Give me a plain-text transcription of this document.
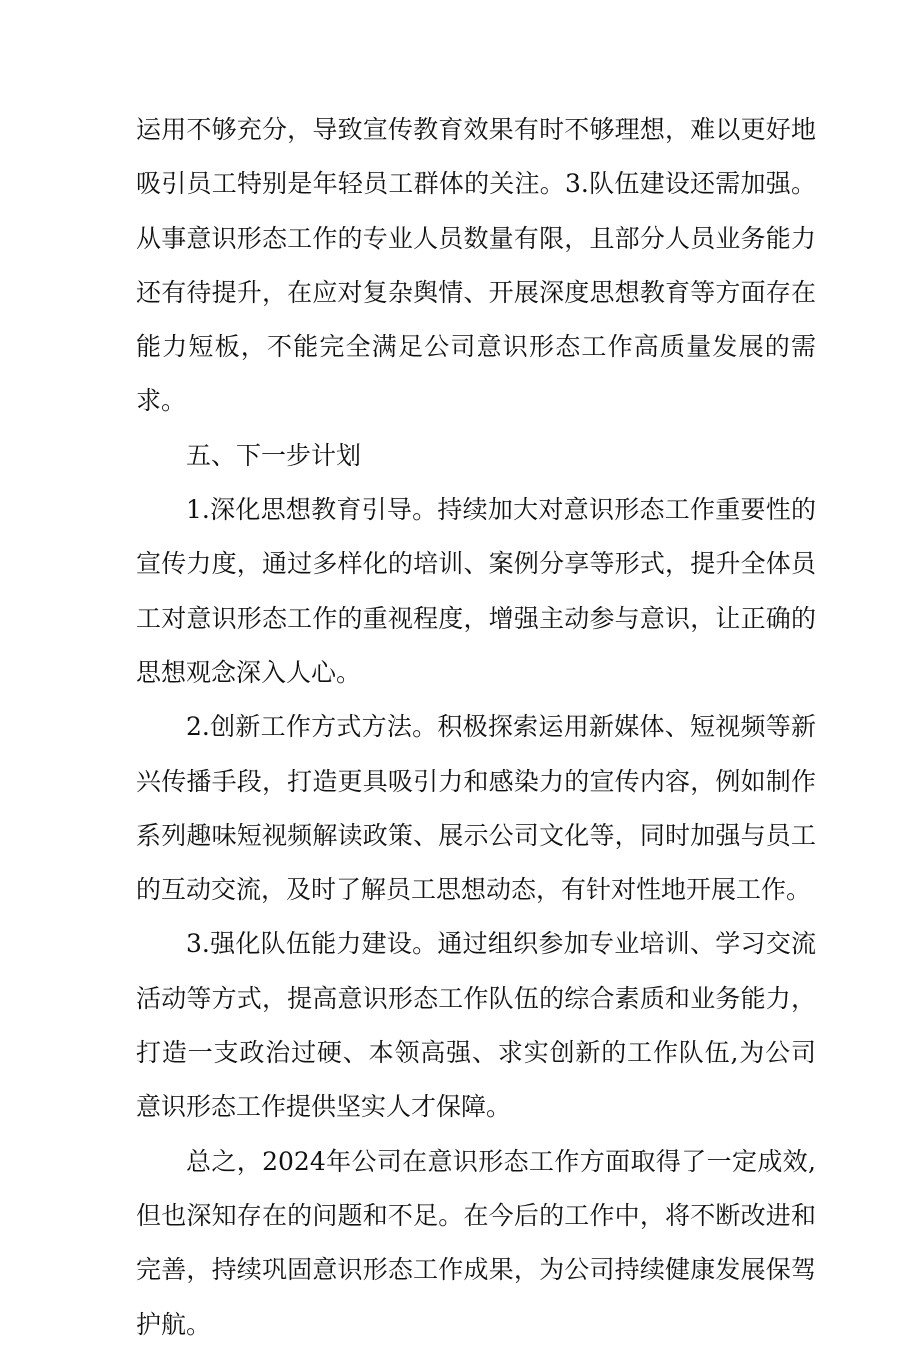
运用不够充分，导致宣传教育效果有时不够理想，难以更好地吸引员工特别是年轻员工群体的关注。3.队伍建设还需加强。从事意识形态工作的专业人员数量有限，且部分人员业务能力还有待提升，在应对复杂舆情、开展深度思想教育等方面存在能力短板，不能完全满足公司意识形态工作高质量发展的需求。

五、下一步计划

1.深化思想教育引导。持续加大对意识形态工作重要性的宣传力度，通过多样化的培训、案例分享等形式，提升全体员工对意识形态工作的重视程度，增强主动参与意识，让正确的思想观念深入人心。

2.创新工作方式方法。积极探索运用新媒体、短视频等新兴传播手段，打造更具吸引力和感染力的宣传内容，例如制作系列趣味短视频解读政策、展示公司文化等，同时加强与员工的互动交流，及时了解员工思想动态，有针对性地开展工作。

3.强化队伍能力建设。通过组织参加专业培训、学习交流活动等方式，提高意识形态工作队伍的综合素质和业务能力，打造一支政治过硬、本领高强、求实创新的工作队伍,为公司意识形态工作提供坚实人才保障。

总之，2024年公司在意识形态工作方面取得了一定成效,但也深知存在的问题和不足。在今后的工作中，将不断改进和完善，持续巩固意识形态工作成果，为公司持续健康发展保驾护航。
